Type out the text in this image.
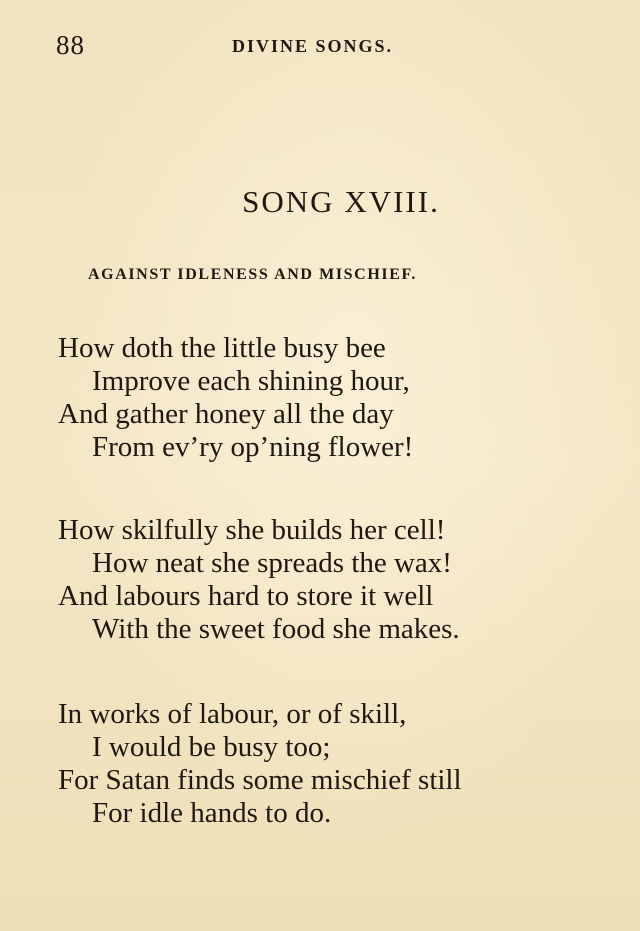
88	DIVINE SONGS.
SONG XVIII.
AGAINST IDLENESS AND MISCHIEF.
How doth the little busy bee
Improve each shining hour,
And gather honey all the day
From ev’ry op’ning flower!
How skilfully she builds her cell!
How neat she spreads the wax!
And labours hard to store it well
With the sweet food she makes.
In works of labour, or of skill,
I would be busy too;
For Satan finds some mischief still
For idle hands to do.
